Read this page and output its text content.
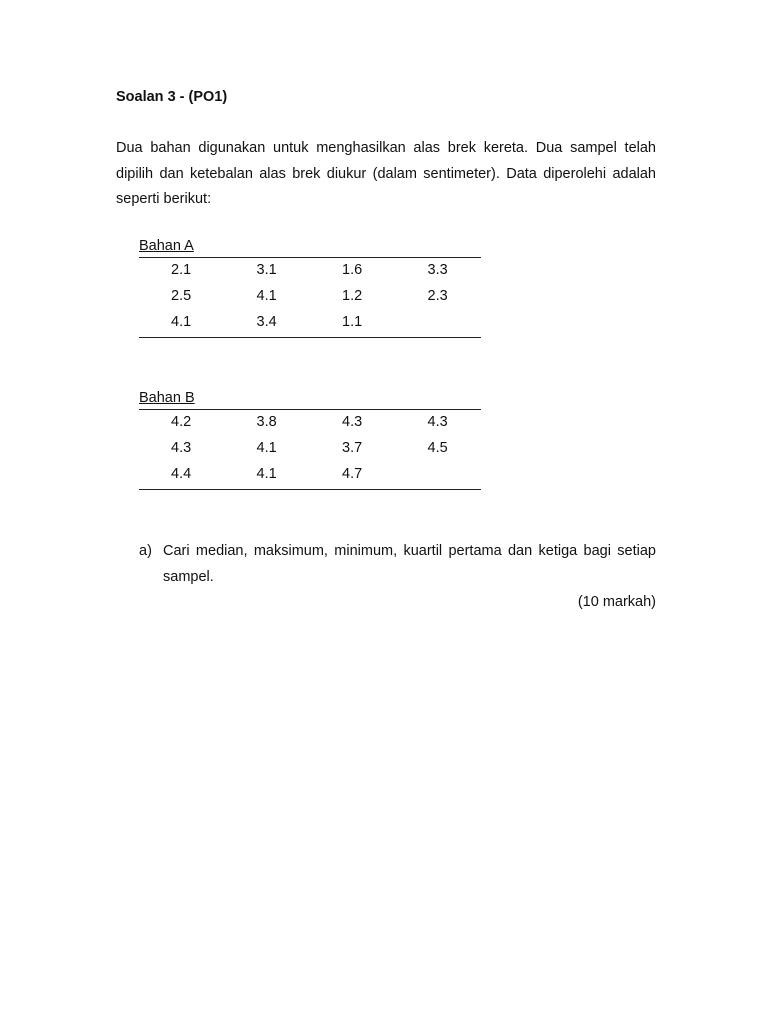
Soalan 3 - (PO1)

Dua bahan digunakan untuk menghasilkan alas brek kereta. Dua sampel telah dipilih dan ketebalan alas brek diukur (dalam sentimeter). Data diperolehi adalah seperti berikut:

Bahan A
2.1	3.1	1.6	3.3
2.5	4.1	1.2	2.3
4.1	3.4	1.1	
Bahan B
4.2	3.8	4.3	4.3
4.3	4.1	3.7	4.5
4.4	4.1	4.7	
a) Cari median, maksimum, minimum, kuartil pertama dan ketiga bagi setiap sampel.

(10 markah)
